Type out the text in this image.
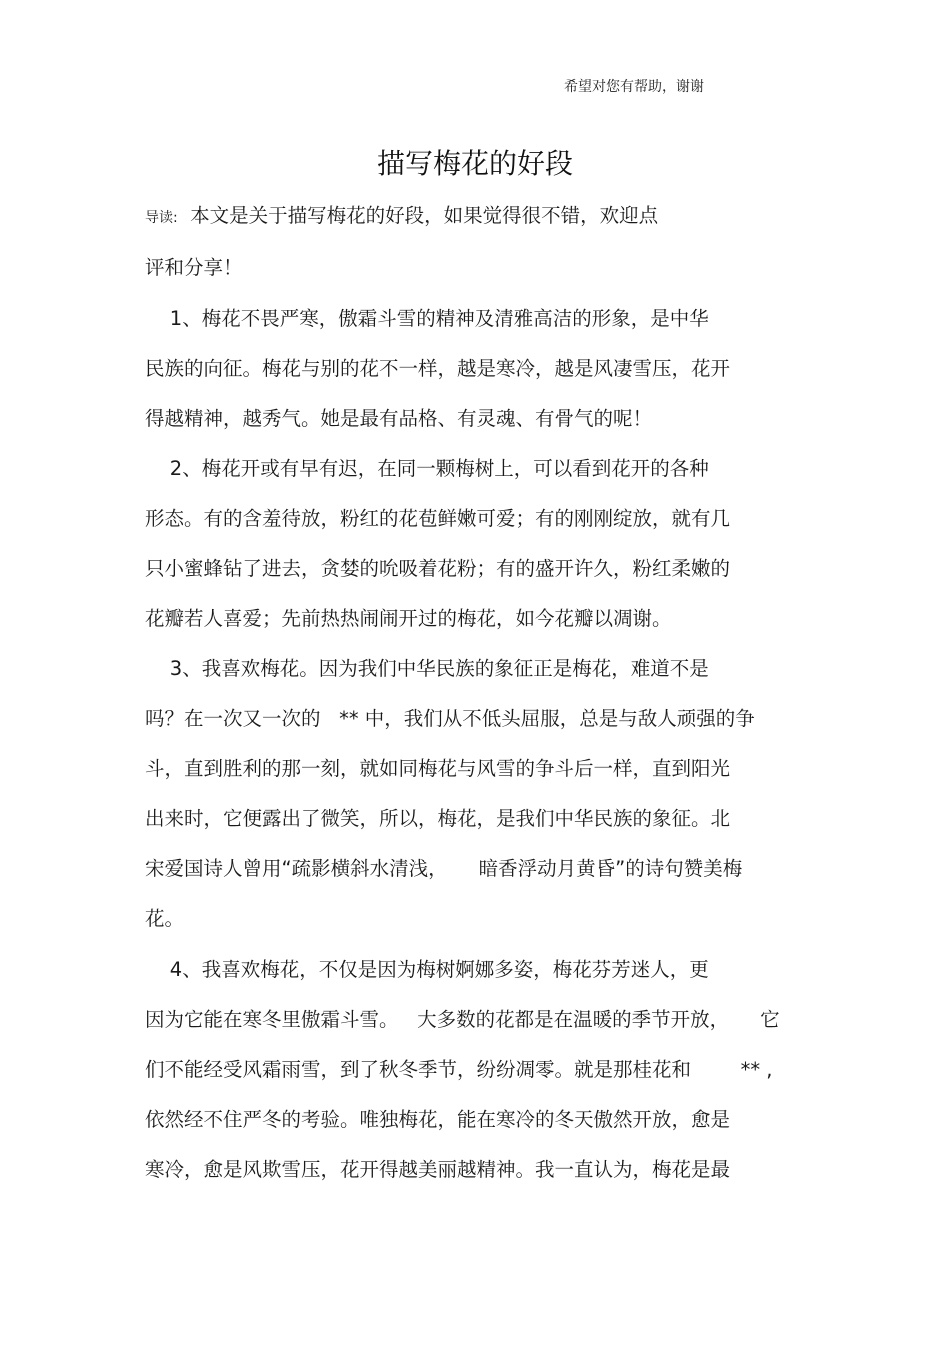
希望对您有帮助，谢谢
描写梅花的好段
导读:  本文是关于描写梅花的好段，如果觉得很不错，欢迎点
评和分享！
1、梅花不畏严寒，傲霜斗雪的精神及清雅高洁的形象，是中华
民族的向征。梅花与别的花不一样，越是寒冷，越是风凄雪压，花开
得越精神，越秀气。她是最有品格、有灵魂、有骨气的呢！
2、梅花开或有早有迟，在同一颗梅树上，可以看到花开的各种
形态。有的含羞待放，粉红的花苞鲜嫩可爱；有的刚刚绽放，就有几
只小蜜蜂钻了进去，贪婪的吮吸着花粉；有的盛开许久，粉红柔嫩的
花瓣若人喜爱；先前热热闹闹开过的梅花，如今花瓣以凋谢。
3、我喜欢梅花。因为我们中华民族的象征正是梅花，难道不是
吗？在一次又一次的   ** 中，我们从不低头屈服，总是与敌人顽强的争
斗，直到胜利的那一刻，就如同梅花与风雪的争斗后一样，直到阳光
出来时，它便露出了微笑，所以，梅花，是我们中华民族的象征。北
宋爱国诗人曾用“疏影横斜水清浅，     暗香浮动月黄昏”的诗句赞美梅
花。
4、我喜欢梅花，不仅是因为梅树婀娜多姿，梅花芬芳迷人，更
因为它能在寒冬里傲霜斗雪。   大多数的花都是在温暖的季节开放，     它
们不能经受风霜雨雪，到了秋冬季节，纷纷凋零。就是那桂花和        ** ,
依然经不住严冬的考验。唯独梅花，能在寒冷的冬天傲然开放，愈是
寒冷，愈是风欺雪压，花开得越美丽越精神。我一直认为，梅花是最
